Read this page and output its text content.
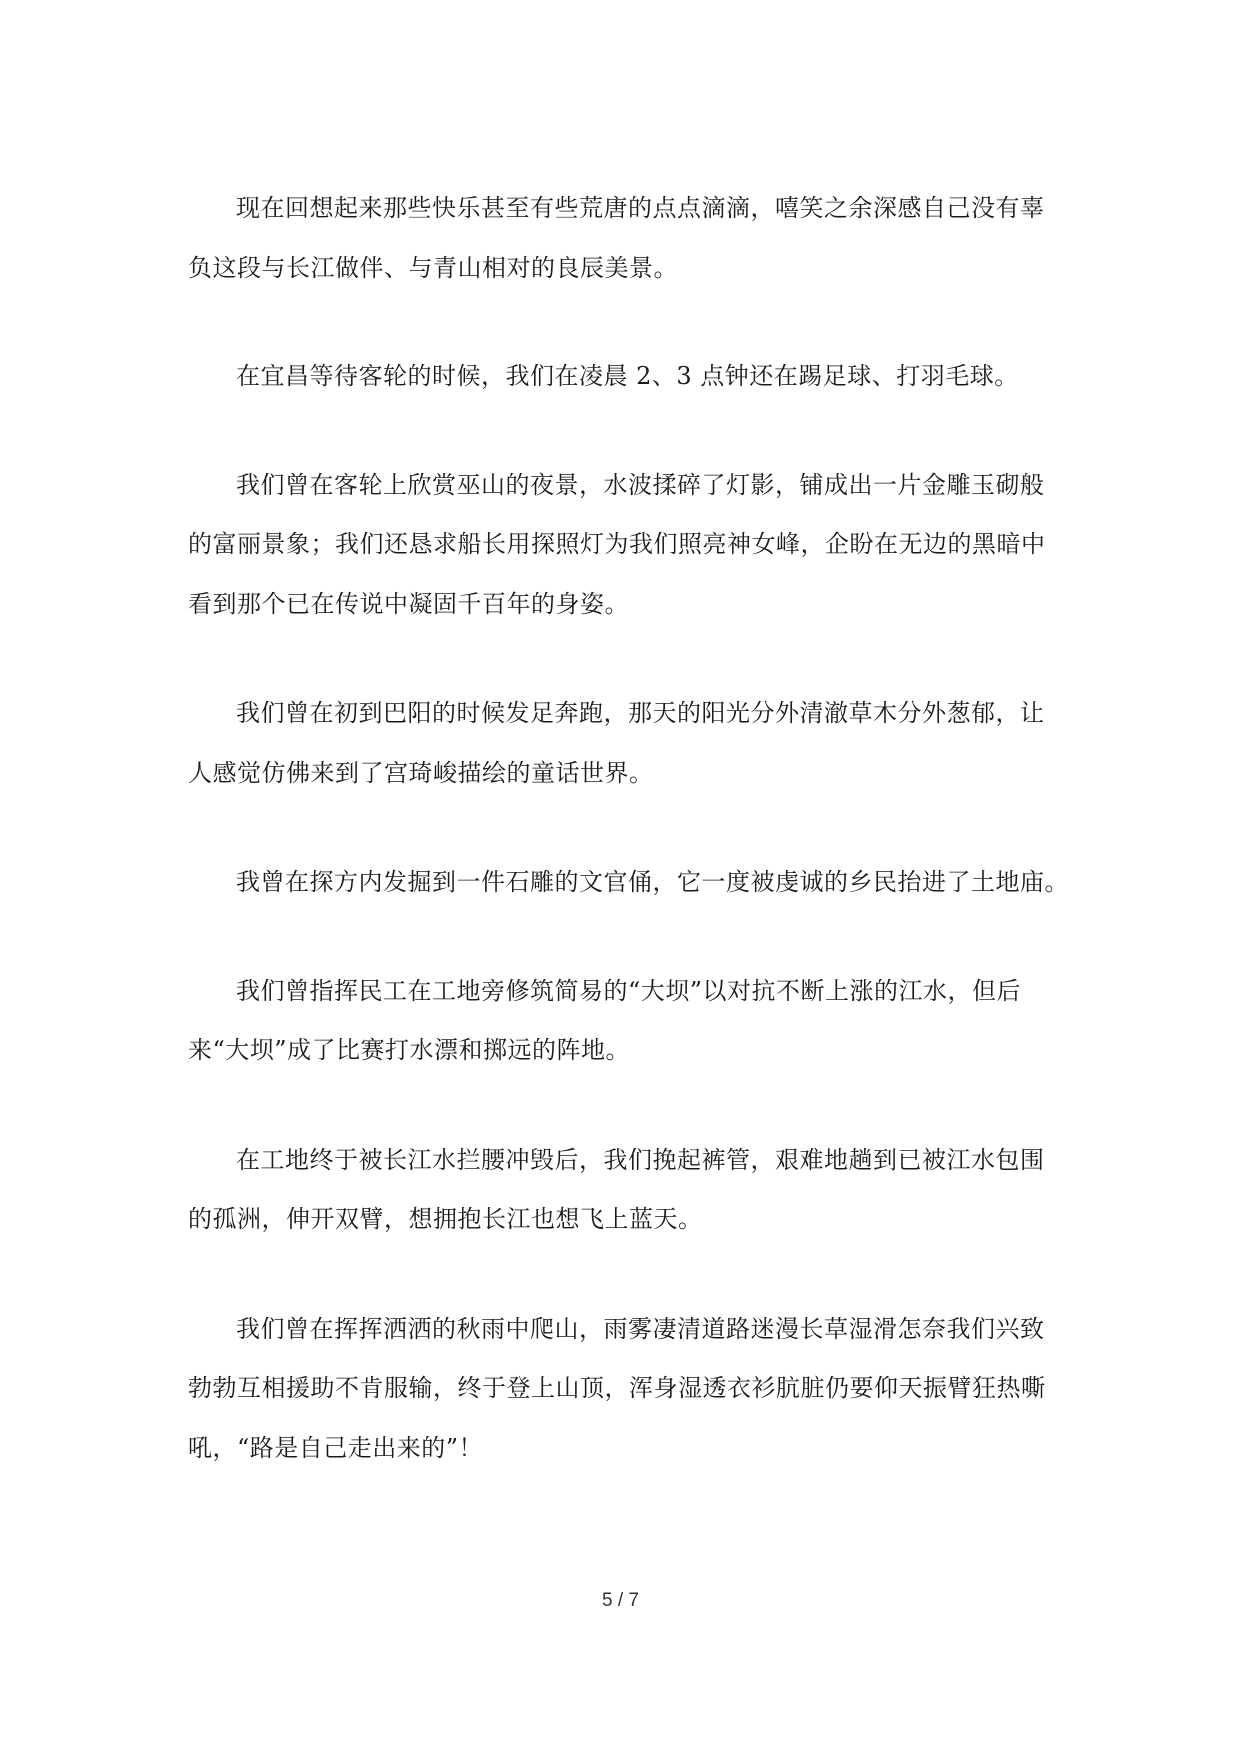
现在回想起来那些快乐甚至有些荒唐的点点滴滴，嘻笑之余深感自己没有辜
负这段与长江做伴、与青山相对的良辰美景。
在宜昌等待客轮的时候，我们在凌晨 2、3 点钟还在踢足球、打羽毛球。
我们曾在客轮上欣赏巫山的夜景，水波揉碎了灯影，铺成出一片金雕玉砌般
的富丽景象；我们还恳求船长用探照灯为我们照亮神女峰，企盼在无边的黑暗中
看到那个已在传说中凝固千百年的身姿。
我们曾在初到巴阳的时候发足奔跑，那天的阳光分外清澈草木分外葱郁，让
人感觉仿佛来到了宫琦峻描绘的童话世界。
我曾在探方内发掘到一件石雕的文官俑，它一度被虔诚的乡民抬进了土地庙。
我们曾指挥民工在工地旁修筑简易的“大坝”以对抗不断上涨的江水，但后
来“大坝”成了比赛打水漂和掷远的阵地。
在工地终于被长江水拦腰冲毁后，我们挽起裤管，艰难地趟到已被江水包围
的孤洲，伸开双臂，想拥抱长江也想飞上蓝天。
我们曾在挥挥洒洒的秋雨中爬山，雨雾凄清道路迷漫长草湿滑怎奈我们兴致
勃勃互相援助不肯服输，终于登上山顶，浑身湿透衣衫肮脏仍要仰天振臂狂热嘶
吼，“路是自己走出来的”！
5 / 7
